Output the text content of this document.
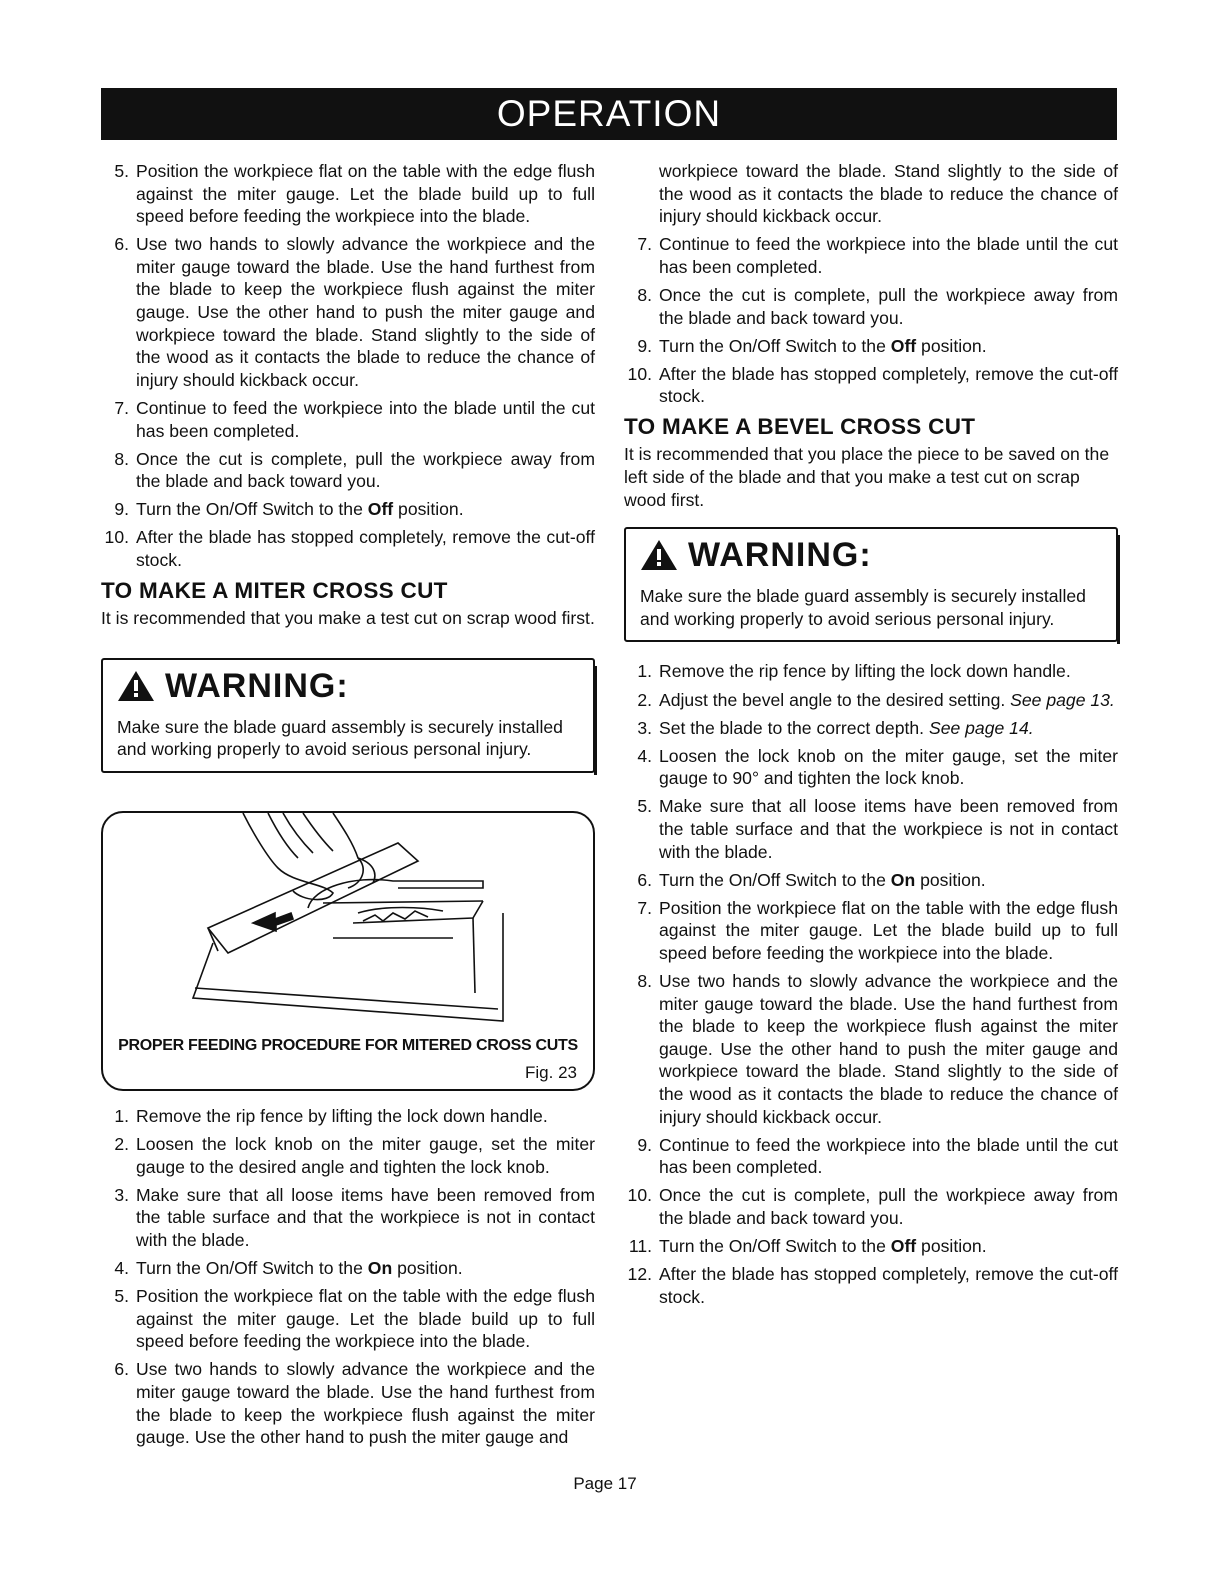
OPERATION
5. Position the workpiece flat on the table with the edge flush against the miter gauge. Let the blade build up to full speed before feeding the workpiece into the blade.
6. Use two hands to slowly advance the workpiece and the miter gauge toward the blade. Use the hand furthest from the blade to keep the workpiece flush against the miter gauge. Use the other hand to push the miter gauge and workpiece toward the blade. Stand slightly to the side of the wood as it contacts the blade to reduce the chance of injury should kickback occur.
7. Continue to feed the workpiece into the blade until the cut has been completed.
8. Once the cut is complete, pull the workpiece away from the blade and back toward you.
9. Turn the On/Off Switch to the Off position.
10. After the blade has stopped completely, remove the cut-off stock.
TO MAKE A MITER CROSS CUT

It is recommended that you make a test cut on scrap wood first.

WARNING:
Make sure the blade guard assembly is securely installed and working properly to avoid serious personal injury.
PROPER FEEDING PROCEDURE FOR MITERED CROSS CUTS
Fig. 23
1. Remove the rip fence by lifting the lock down handle.
2. Loosen the lock knob on the miter gauge, set the miter gauge to the desired angle and tighten the lock knob.
3. Make sure that all loose items have been removed from the table surface and that the workpiece is not in contact with the blade.
4. Turn the On/Off Switch to the On position.
5. Position the workpiece flat on the table with the edge flush against the miter gauge. Let the blade build up to full speed before feeding the workpiece into the blade.
6. Use two hands to slowly advance the workpiece and the miter gauge toward the blade. Use the hand furthest from the blade to keep the workpiece flush against the miter gauge. Use the other hand to push the miter gauge and
workpiece toward the blade. Stand slightly to the side of the wood as it contacts the blade to reduce the chance of injury should kickback occur.
7. Continue to feed the workpiece into the blade until the cut has been completed.
8. Once the cut is complete, pull the workpiece away from the blade and back toward you.
9. Turn the On/Off Switch to the Off position.
10. After the blade has stopped completely, remove the cut-off stock.
TO MAKE A BEVEL CROSS CUT

It is recommended that you place the piece to be saved on the left side of the blade and that you make a test cut on scrap wood first.

WARNING:
Make sure the blade guard assembly is securely installed and working properly to avoid serious personal injury.
1. Remove the rip fence by lifting the lock down handle.
2. Adjust the bevel angle to the desired setting. See page 13.
3. Set the blade to the correct depth. See page 14.
4. Loosen the lock knob on the miter gauge, set the miter gauge to 90° and tighten the lock knob.
5. Make sure that all loose items have been removed from the table surface and that the workpiece is not in contact with the blade.
6. Turn the On/Off Switch to the On position.
7. Position the workpiece flat on the table with the edge flush against the miter gauge. Let the blade build up to full speed before feeding the workpiece into the blade.
8. Use two hands to slowly advance the workpiece and the miter gauge toward the blade. Use the hand furthest from the blade to keep the workpiece flush against the miter gauge. Use the other hand to push the miter gauge and workpiece toward the blade. Stand slightly to the side of the wood as it contacts the blade to reduce the chance of injury should kickback occur.
9. Continue to feed the workpiece into the blade until the cut has been completed.
10. Once the cut is complete, pull the workpiece away from the blade and back toward you.
11. Turn the On/Off Switch to the Off position.
12. After the blade has stopped completely, remove the cut-off stock.
Page 17
